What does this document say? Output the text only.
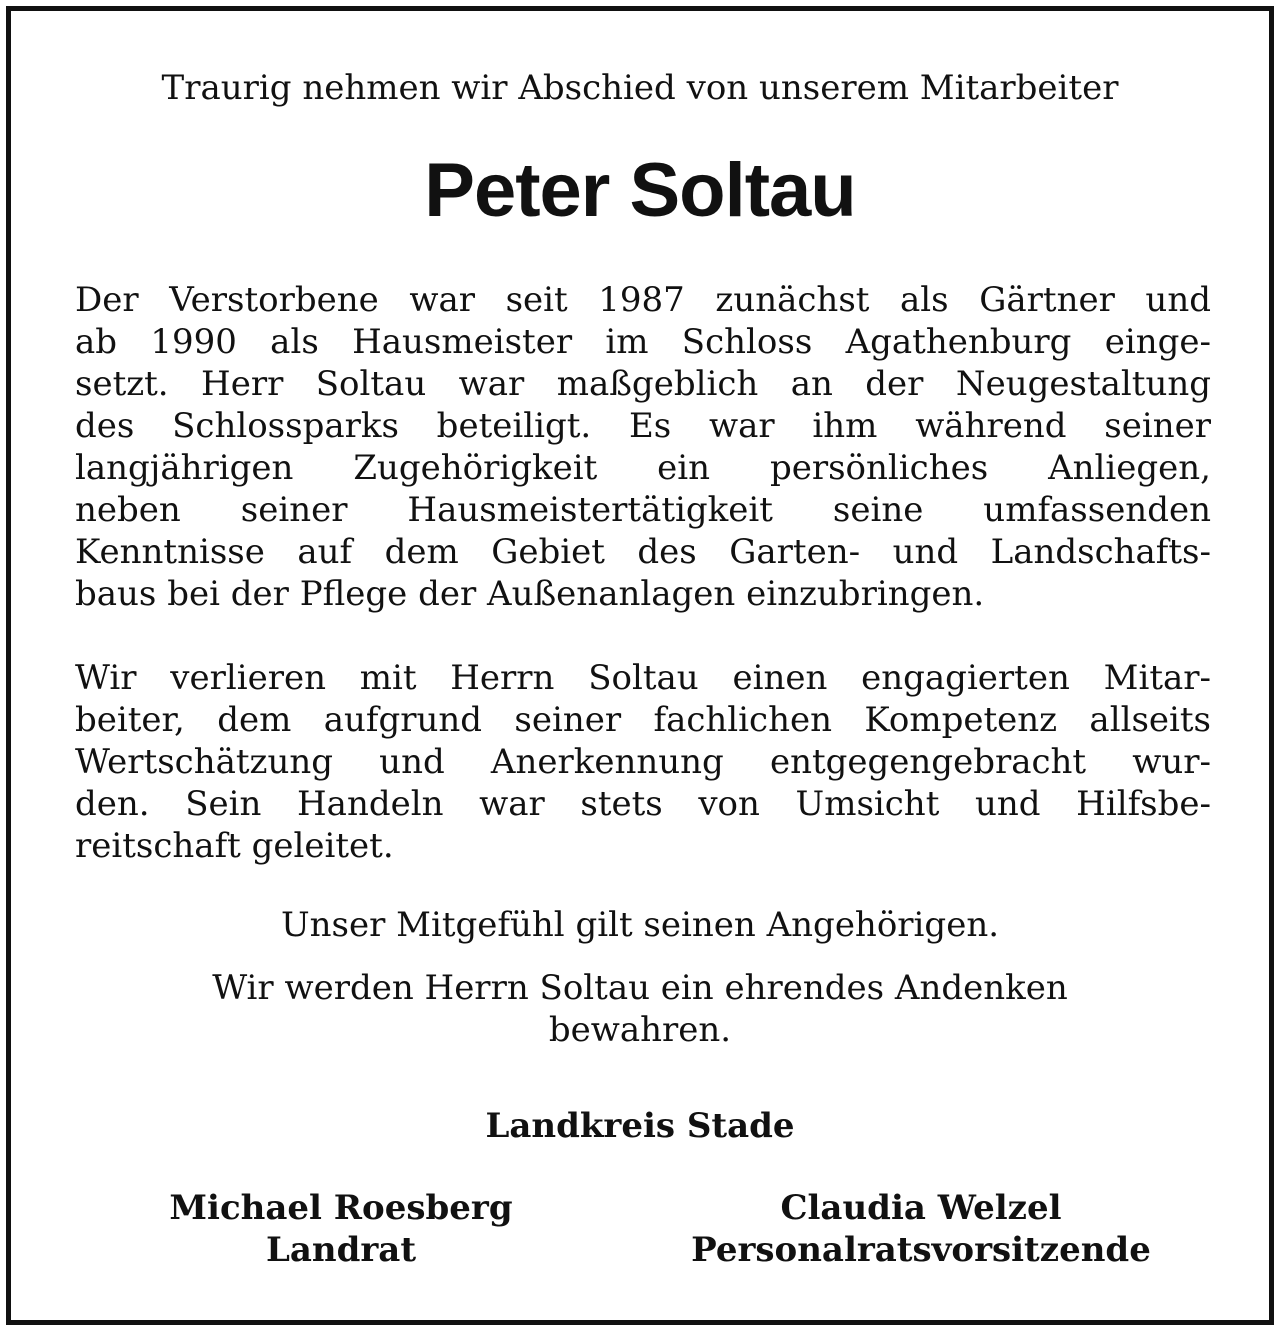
Traurig nehmen wir Abschied von unserem Mitarbeiter
Peter Soltau
Der Verstorbene war seit 1987 zunächst als Gärtner und
ab 1990 als Hausmeister im Schloss Agathenburg einge-
setzt. Herr Soltau war maßgeblich an der Neugestaltung
des Schlossparks beteiligt. Es war ihm während seiner
langjährigen Zugehörigkeit ein persönliches Anliegen,
neben seiner Hausmeistertätigkeit seine umfassenden
Kenntnisse auf dem Gebiet des Garten- und Landschafts-
baus bei der Pflege der Außenanlagen einzubringen.
Wir verlieren mit Herrn Soltau einen engagierten Mitar-
beiter, dem aufgrund seiner fachlichen Kompetenz allseits
Wertschätzung und Anerkennung entgegengebracht wur-
den. Sein Handeln war stets von Umsicht und Hilfsbe-
reitschaft geleitet.
Unser Mitgefühl gilt seinen Angehörigen.
Wir werden Herrn Soltau ein ehrendes Andenken
bewahren.
Landkreis Stade
Michael Roesberg
Landrat
Claudia Welzel
Personalratsvorsitzende
